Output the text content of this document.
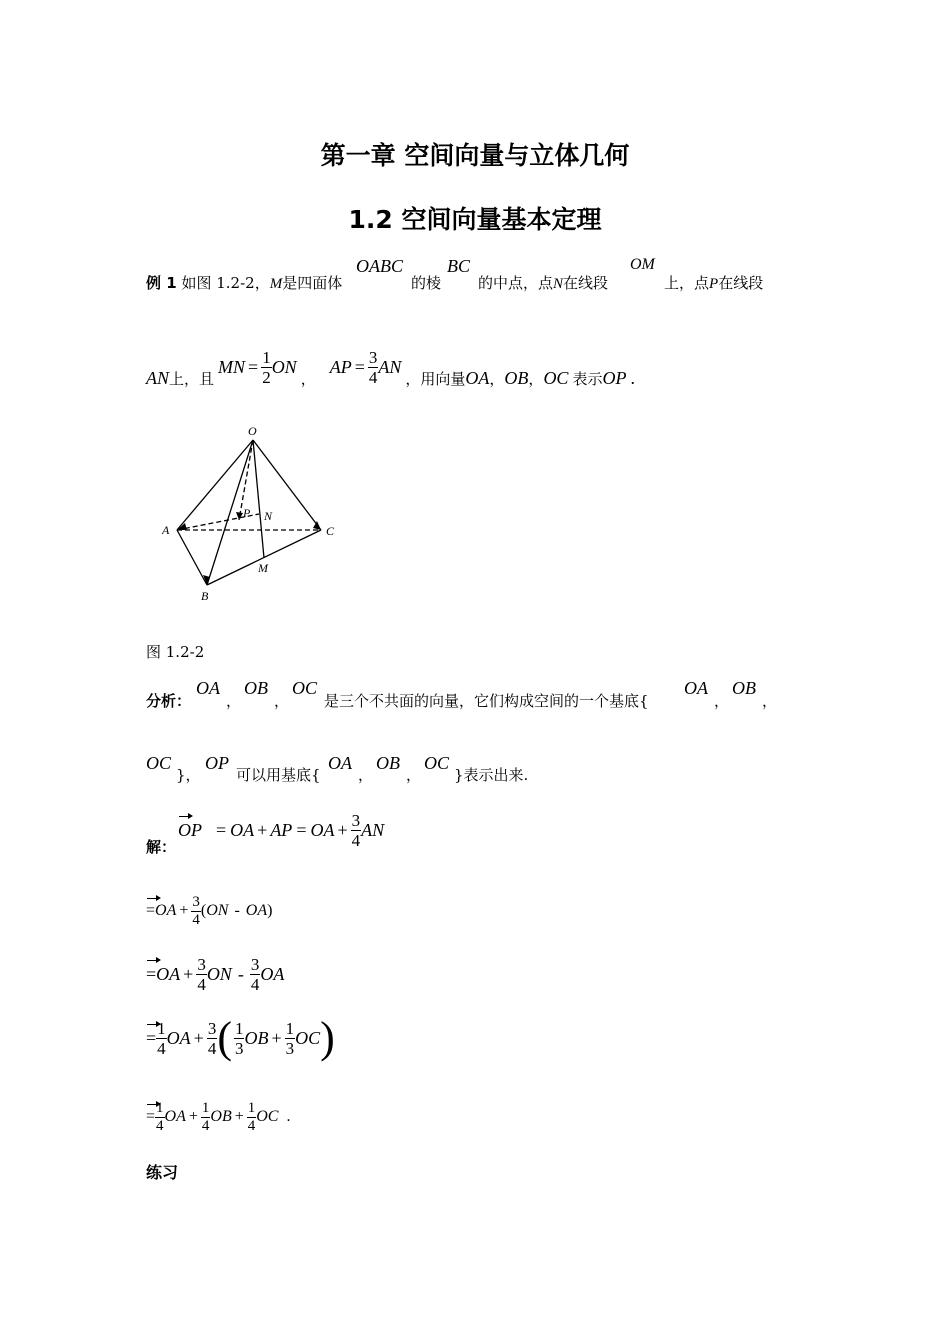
第一章 空间向量与立体几何
1.2 空间向量基本定理
例 1 如图 1.2-2，M是四面体
OABC
的棱
BC
的中点，点N在线段
OM
上，点P在线段
AN 上，且
MN = $\frac{1}{2}$ ON
，
AP = $\frac{3}{4}$ AN
，用向量 OA ， OB ， OC 表示 OP .
O
A
B
C
P N
M
图 1.2-2
分析：
OA
，
OB
，
OC
是三个不共面的向量，它们构成空间的一个基底{
OA
，
OB
，
OC
}，
OP
可以用基底{
OA
，
OB
，
OC
}表示出来.
解：
OP = OA + AP = OA + $\frac{3}{4}$ AN
= OA + $\frac{3}{4}$ ( ON - OA )
= OA + $\frac{3}{4}$ ON - $\frac{3}{4}$ OA
= $\frac{1}{4}$ OA + $\frac{3}{4}$ ( $\frac{1}{3}$ OB + $\frac{1}{3}$ OC )
= $\frac{1}{4}$ OA + $\frac{1}{4}$ OB + $\frac{1}{4}$ OC .
练习
